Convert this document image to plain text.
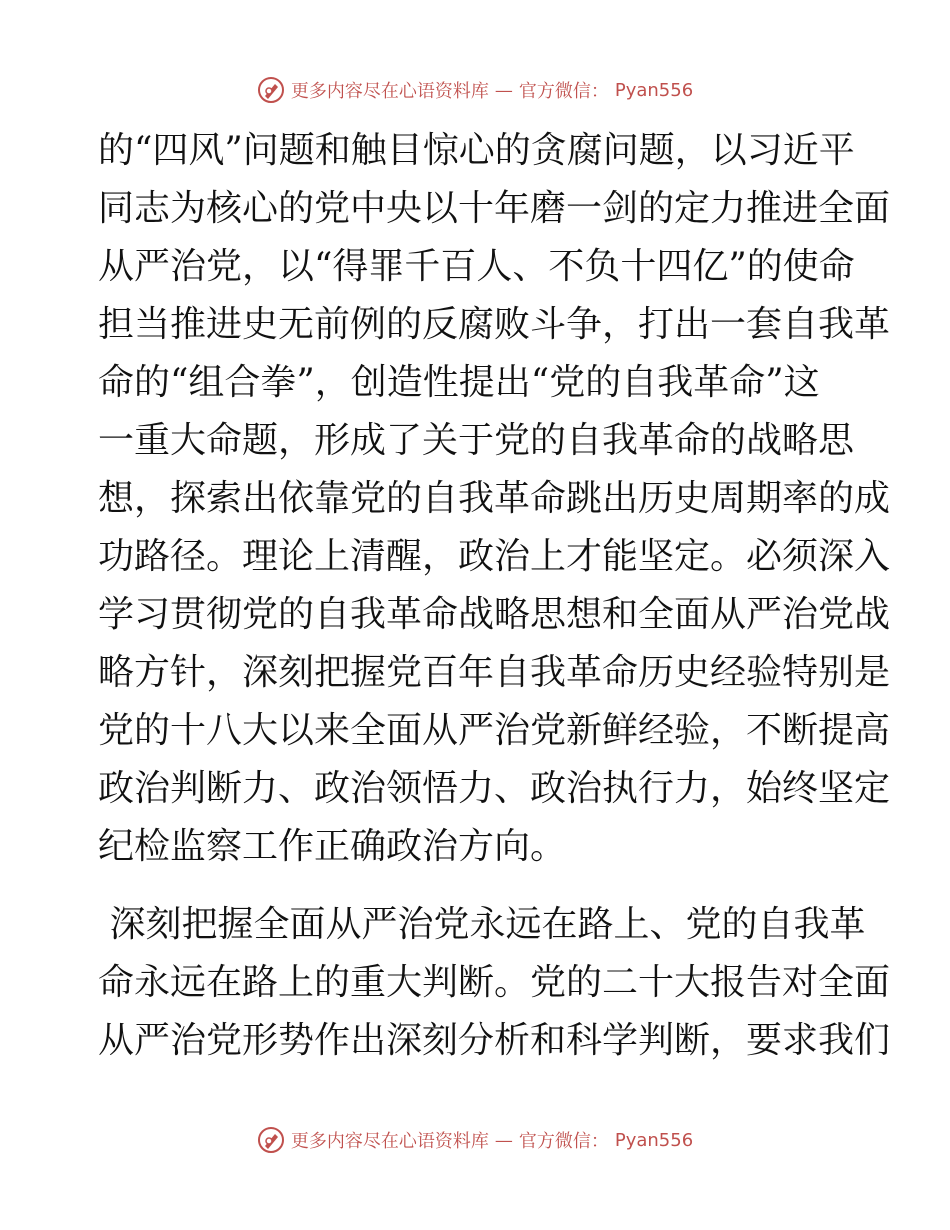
更多内容尽在心语资料库 — 官方微信： Pyan556
的“四风”问题和触目惊心的贪腐问题，以习近平
同志为核心的党中央以十年磨一剑的定力推进全面
从严治党，以“得罪千百人、不负十四亿”的使命
担当推进史无前例的反腐败斗争，打出一套自我革
命的“组合拳”，创造性提出“党的自我革命”这
一重大命题，形成了关于党的自我革命的战略思
想，探索出依靠党的自我革命跳出历史周期率的成
功路径。理论上清醒，政治上才能坚定。必须深入
学习贯彻党的自我革命战略思想和全面从严治党战
略方针，深刻把握党百年自我革命历史经验特别是
党的十八大以来全面从严治党新鲜经验，不断提高
政治判断力、政治领悟力、政治执行力，始终坚定
纪检监察工作正确政治方向。
深刻把握全面从严治党永远在路上、党的自我革
命永远在路上的重大判断。党的二十大报告对全面
从严治党形势作出深刻分析和科学判断，要求我们
更多内容尽在心语资料库 — 官方微信： Pyan556
